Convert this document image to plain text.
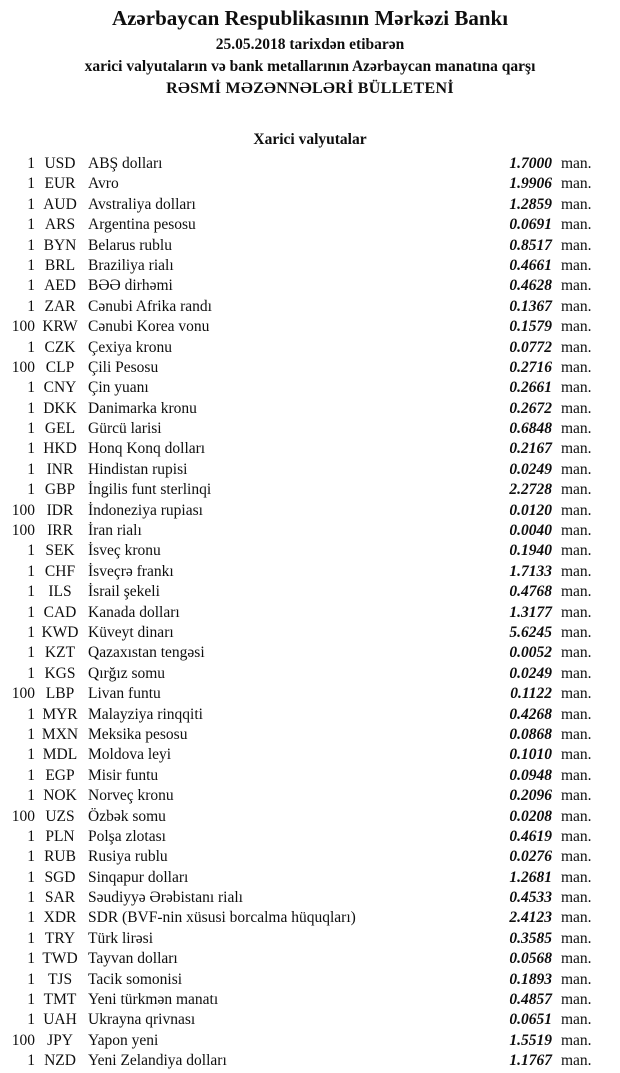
Azərbaycan Respublikasının Mərkəzi Bankı
25.05.2018 tarixdən etibarən
xarici valyutaların və bank metallarının Azərbaycan manatına qarşı
RƏSMİ MƏZƏNNƏLƏRİ BÜLLETENİ
Xarici valyutalar
1 USD ABŞ dolları	1.7000 man.
1 EUR Avro	1.9906 man.
1 AUD Avstraliya dolları	1.2859 man.
1 ARS Argentina pesosu	0.0691 man.
1 BYN Belarus rublu	0.8517 man.
1 BRL Braziliya rialı	0.4661 man.
1 AED BƏƏ dirhəmi	0.4628 man.
1 ZAR Cənubi Afrika randı	0.1367 man.
100 KRW Cənubi Korea vonu	0.1579 man.
1 CZK Çexiya kronu	0.0772 man.
100 CLP Çili Pesosu	0.2716 man.
1 CNY Çin yuanı	0.2661 man.
1 DKK Danimarka kronu	0.2672 man.
1 GEL Gürcü larisi	0.6848 man.
1 HKD Honq Konq dolları	0.2167 man.
1 INR Hindistan rupisi	0.0249 man.
1 GBP İngilis funt sterlinqi	2.2728 man.
100 IDR İndoneziya rupiası	0.0120 man.
100 IRR İran rialı	0.0040 man.
1 SEK İsveç kronu	0.1940 man.
1 CHF İsveçrə frankı	1.7133 man.
1 ILS	İsrail şekeli	0.4768 man.
1 CAD Kanada dolları	1.3177 man.
1 KWD Küveyt dinarı	5.6245 man.
1 KZT Qazaxıstan tengəsi	0.0052 man.
1 KGS Qırğız somu	0.0249 man.
100 LBP Livan funtu	0.1122 man.
1 MYR Malayziya rinqqiti	0.4268 man.
1 MXN Meksika pesosu	0.0868 man.
1 MDL Moldova leyi	0.1010 man.
1 EGP Misir funtu	0.0948 man.
1 NOK Norveç kronu	0.2096 man.
100 UZS Özbək somu	0.0208 man.
1 PLN Polşa zlotası	0.4619 man.
1 RUB Rusiya rublu	0.0276 man.
1 SGD Sinqapur dolları	1.2681 man.
1 SAR Səudiyyə Ərəbistanı rialı	0.4533 man.
1 XDR SDR (BVF-nin xüsusi borcalma hüquqları)	2.4123 man.
1 TRY Türk lirəsi	0.3585 man.
1 TWD Tayvan dolları	0.0568 man.
1 TJS	Tacik somonisi	0.1893 man.
1 TMT Yeni türkmən manatı	0.4857 man.
1 UAH Ukrayna qrivnası	0.0651 man.
100 JPY Yapon yeni	1.5519 man.
1 NZD Yeni Zelandiya dolları	1.1767 man.
